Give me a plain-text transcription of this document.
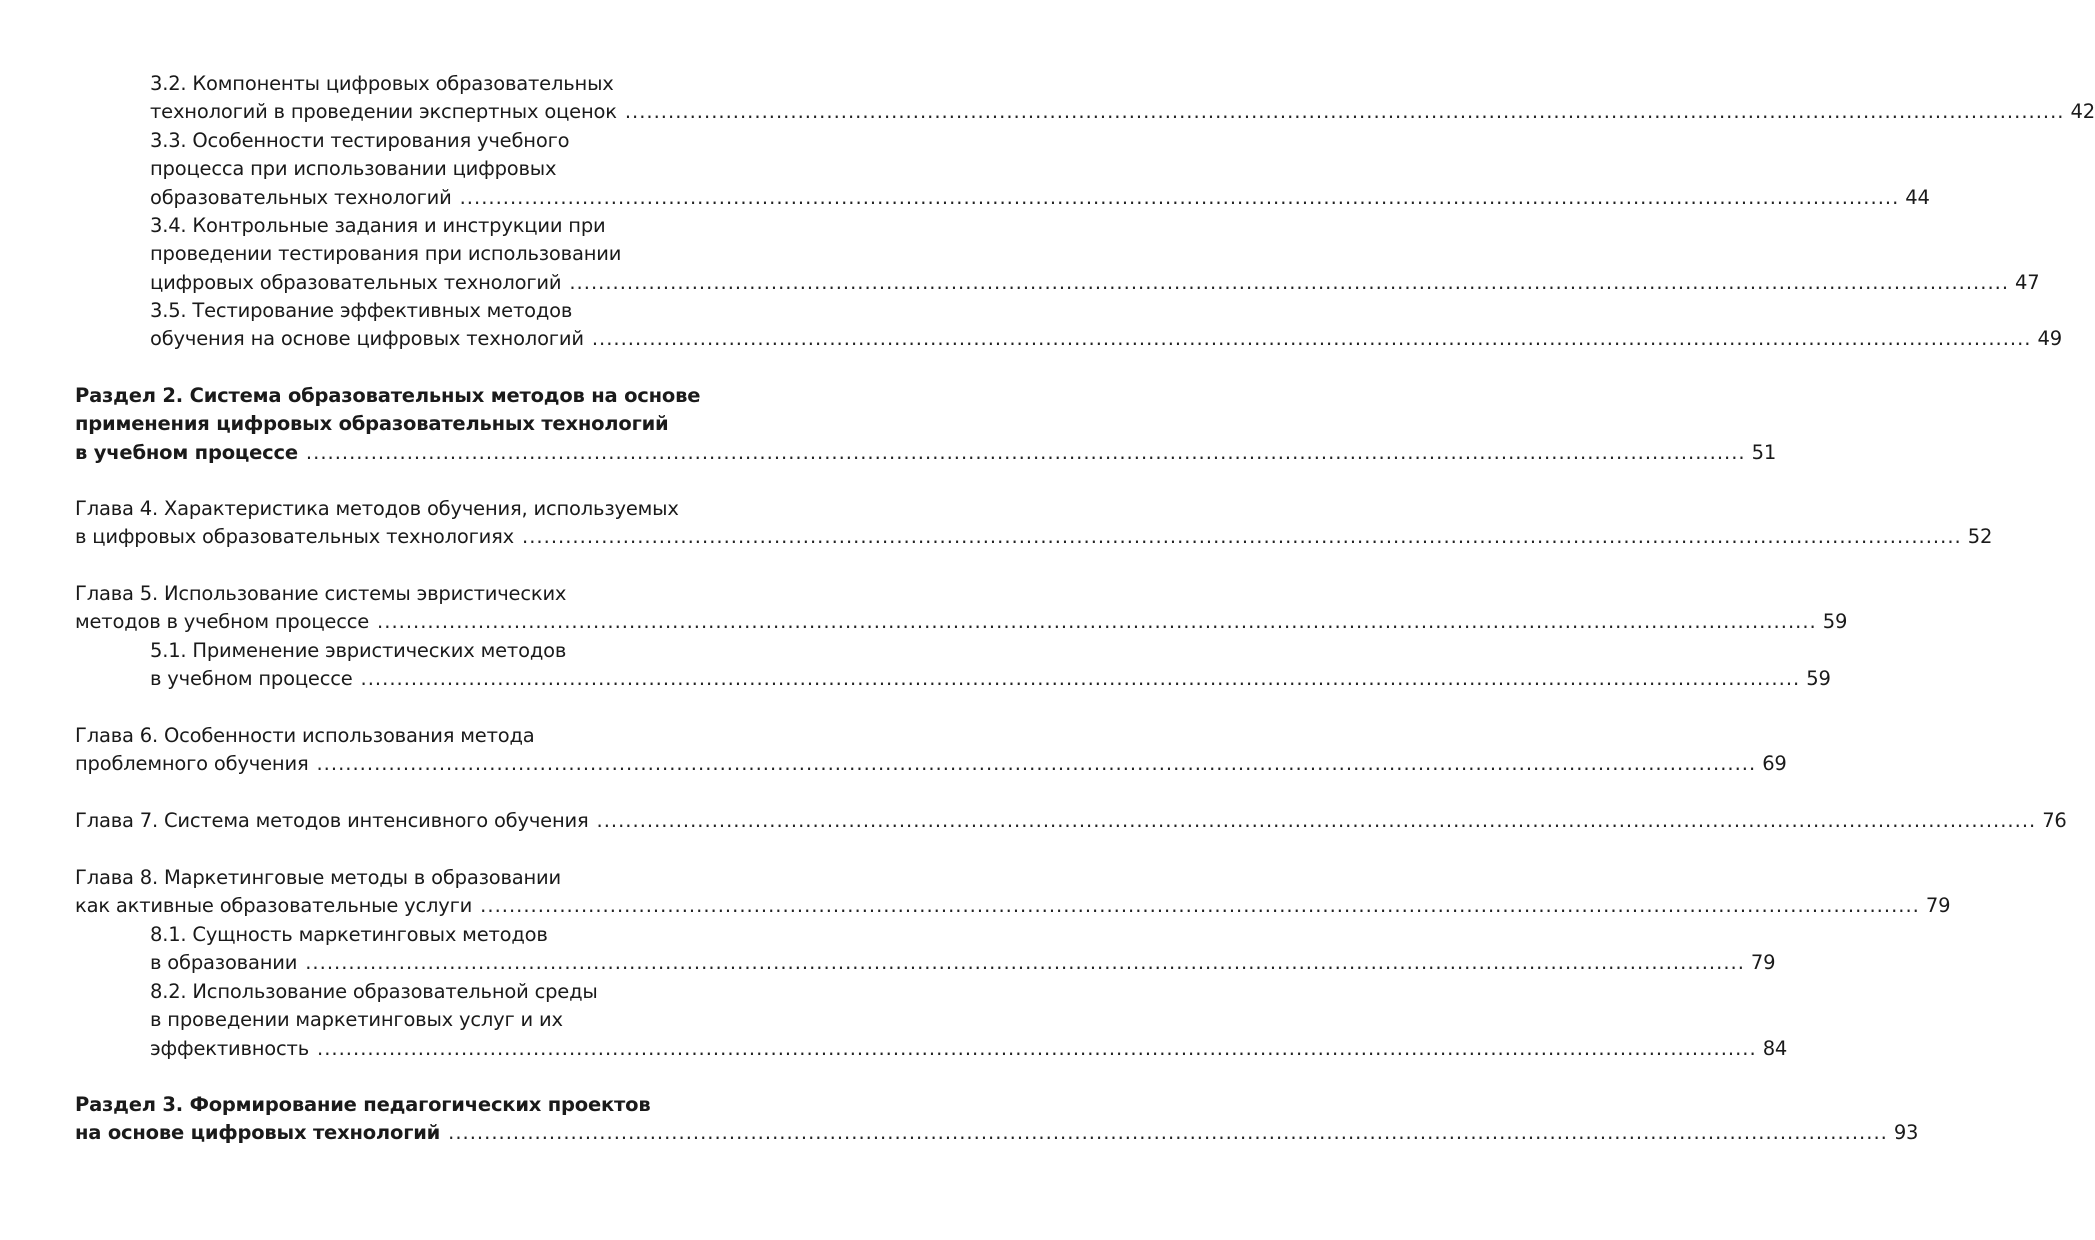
3.2. Компоненты цифровых образовательных
технологий в проведении экспертных оценок ........................................................................................................................................................................................................ 42
3.3. Особенности тестирования учебного
процесса при использовании цифровых
образовательных технологий ........................................................................................................................................................................................................ 44
3.4. Контрольные задания и инструкции при
проведении тестирования при использовании
цифровых образовательных технологий ........................................................................................................................................................................................................ 47
3.5. Тестирование эффективных методов
обучения на основе цифровых технологий ........................................................................................................................................................................................................ 49
Раздел 2. Система образовательных методов на основе
применения цифровых образовательных технологий
в учебном процессе ........................................................................................................................................................................................................ 51
Глава 4. Характеристика методов обучения, используемых
в цифровых образовательных технологиях ........................................................................................................................................................................................................ 52
Глава 5. Использование системы эвристических
методов в учебном процессе ........................................................................................................................................................................................................ 59
5.1. Применение эвристических методов
в учебном процессе ........................................................................................................................................................................................................ 59
Глава 6. Особенности использования метода
проблемного обучения ........................................................................................................................................................................................................ 69
Глава 7. Система методов интенсивного обучения ........................................................................................................................................................................................................ 76
Глава 8. Маркетинговые методы в образовании
как активные образовательные услуги ........................................................................................................................................................................................................ 79
8.1. Сущность маркетинговых методов
в образовании ........................................................................................................................................................................................................ 79
8.2. Использование образовательной среды
в проведении маркетинговых услуг и их
эффективность ........................................................................................................................................................................................................ 84
Раздел 3. Формирование педагогических проектов
на основе цифровых технологий ........................................................................................................................................................................................................ 93
